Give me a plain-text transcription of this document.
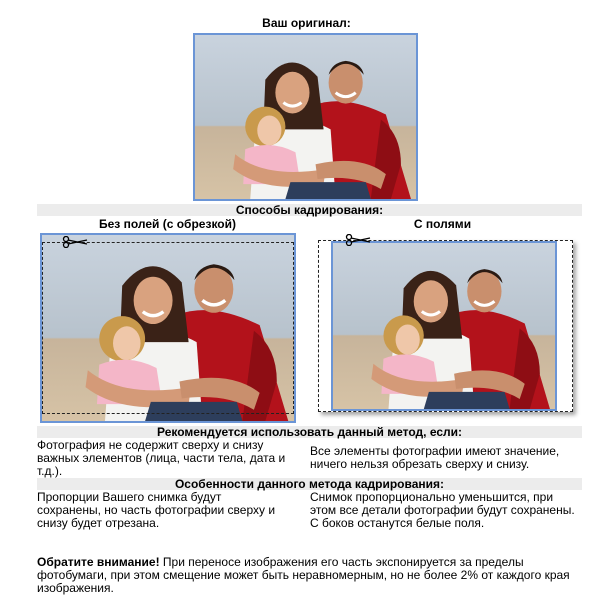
Ваш оригинал:
Способы кадрирования:
Без полей (с обрезкой)	С полями
Рекомендуется использовать данный метод, если:
Фотография не содержит сверху и снизу важных элементов (лица, части тела, дата и т.д.).
Все элементы фотографии имеют значение, ничего нельзя обрезать сверху и снизу.
Особенности данного метода кадрирования:
Пропорции Вашего снимка будут сохранены, но часть фотографии сверху и снизу будет отрезана.
Снимок пропорционально уменьшится, при этом все детали фотографии будут сохранены. С боков останутся белые поля.
Обратите внимание! При переносе изображения его часть экспонируется за пределы фотобумаги, при этом смещение может быть неравномерным, но не более 2% от каждого края изображения.
